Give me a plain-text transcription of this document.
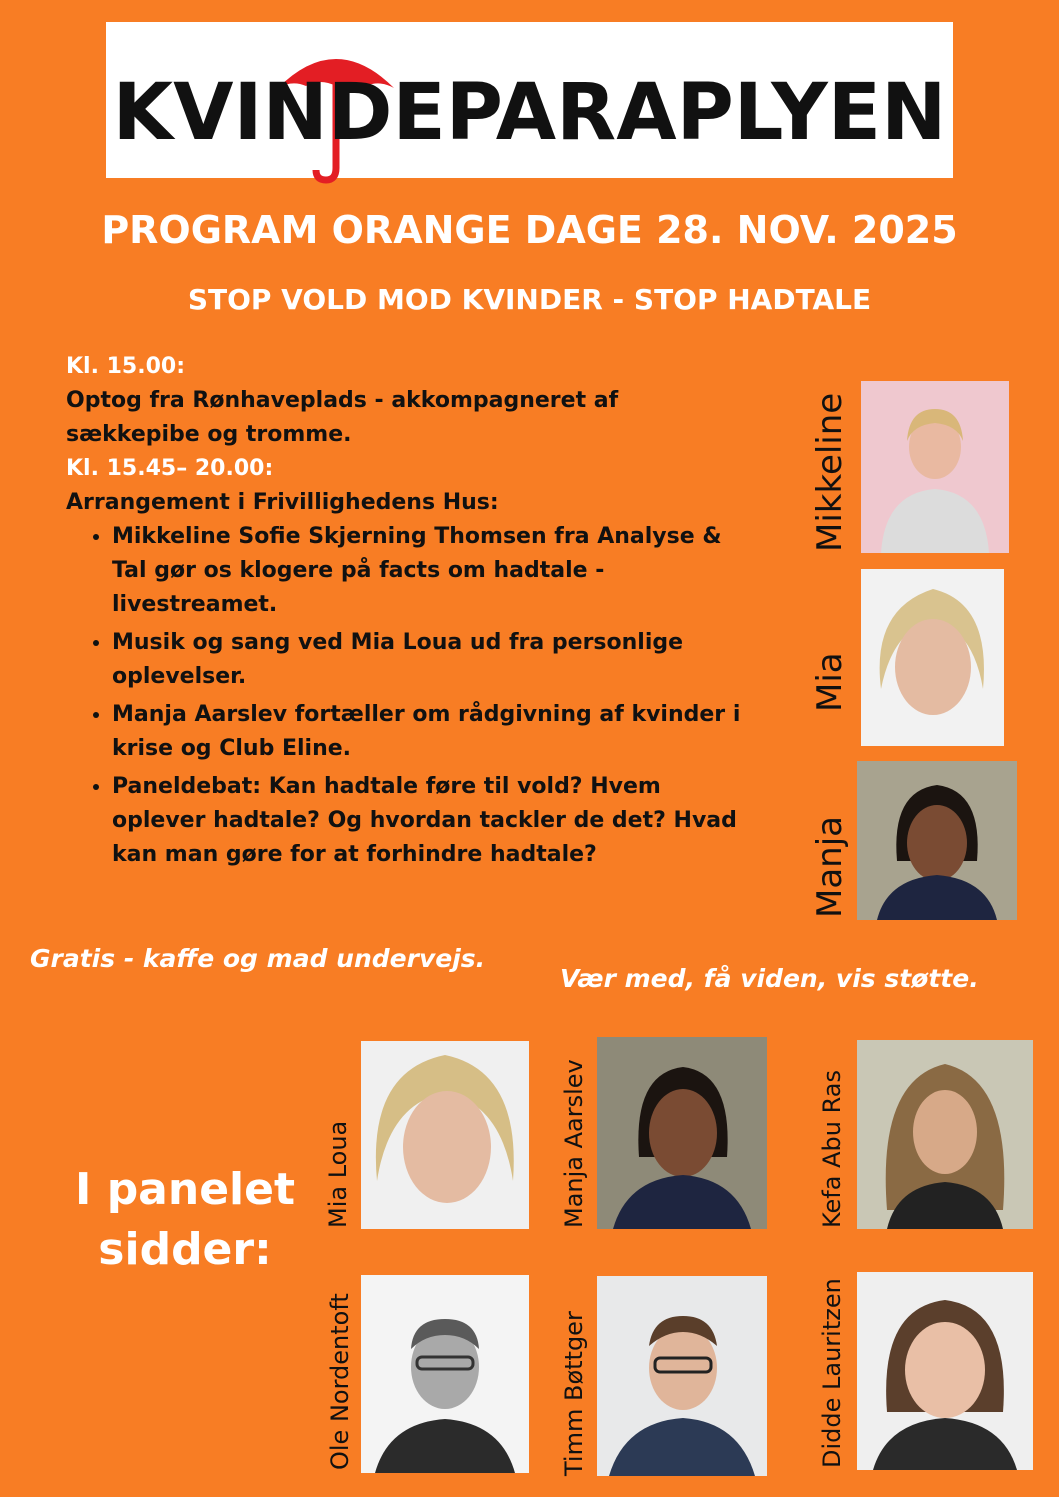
KVINDEPARAPLYEN
PROGRAM ORANGE DAGE 28. NOV. 2025
STOP VOLD MOD KVINDER - STOP HADTALE

Kl. 15.00:

Optog fra Rønhaveplads - akkompagneret af sækkepibe og tromme.

Kl. 15.45– 20.00:

Arrangement i Frivillighedens Hus:

• Mikkeline Sofie Skjerning Thomsen fra Analyse & Tal gør os klogere på facts om hadtale - livestreamet.
• Musik og sang ved Mia Loua ud fra personlige oplevelser.
• Manja Aarslev fortæller om rådgivning af kvinder i krise og Club Eline.
• Paneldebat: Kan hadtale føre til vold? Hvem oplever hadtale? Og hvordan tackler de det? Hvad kan man gøre for at forhindre hadtale?
Mikkeline
Mia
Manja
Gratis - kaffe og mad undervejs.
Vær med, få viden, vis støtte.
I panelet
sidder:
Mia Loua	Manja Aarslev	Kefa Abu Ras
Ole Nordentoft	Timm Bøttger	Didde Lauritzen
